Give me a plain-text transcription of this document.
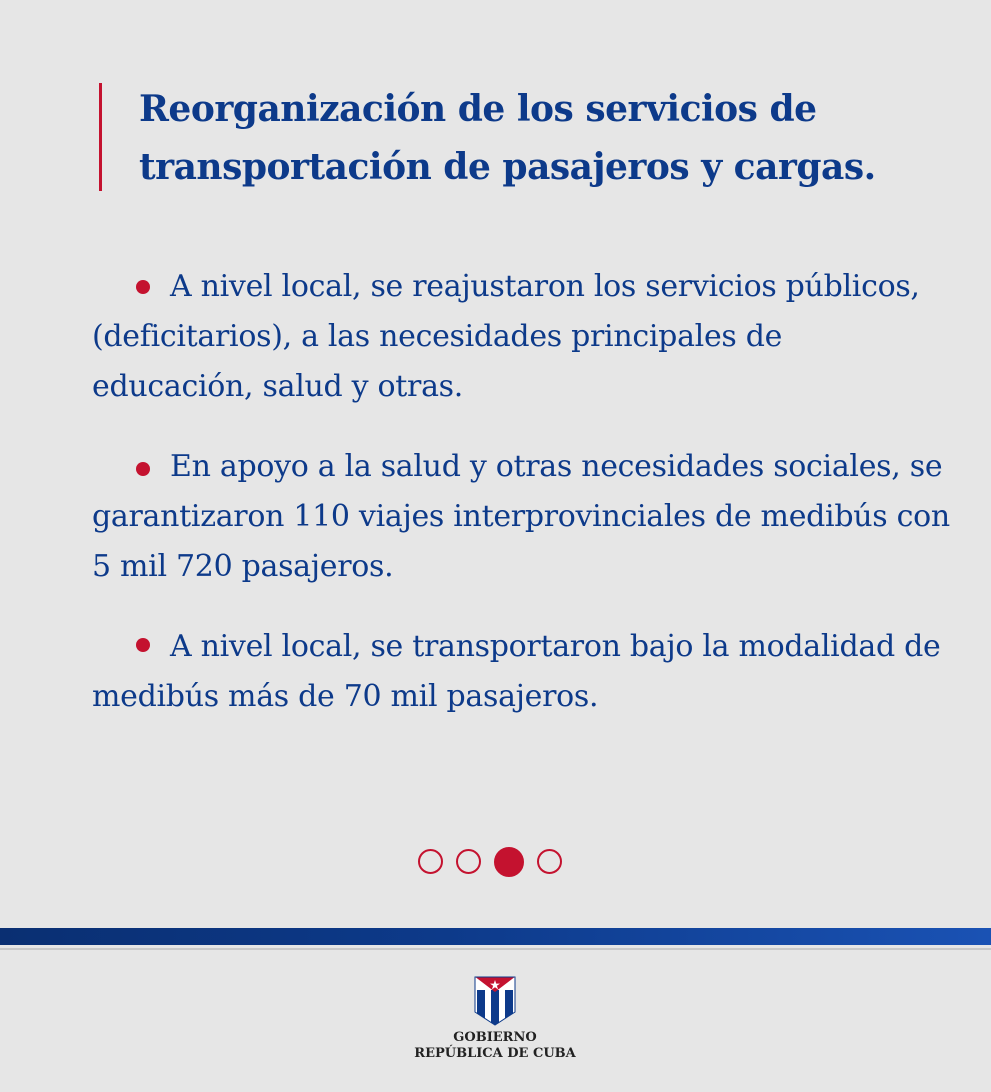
Reorganización de los servicios de transportación de pasajeros y cargas.

A nivel local, se reajustaron los servicios públicos, (deficitarios), a las necesidades principales de educación, salud y otras.

En apoyo a la salud y otras necesidades sociales, se garantizaron 110 viajes interprovinciales de medibús con 5 mil 720 pasajeros.

A nivel local, se transportaron bajo la modalidad de medibús más de 70 mil pasajeros.

GOBIERNO
REPÚBLICA DE CUBA
